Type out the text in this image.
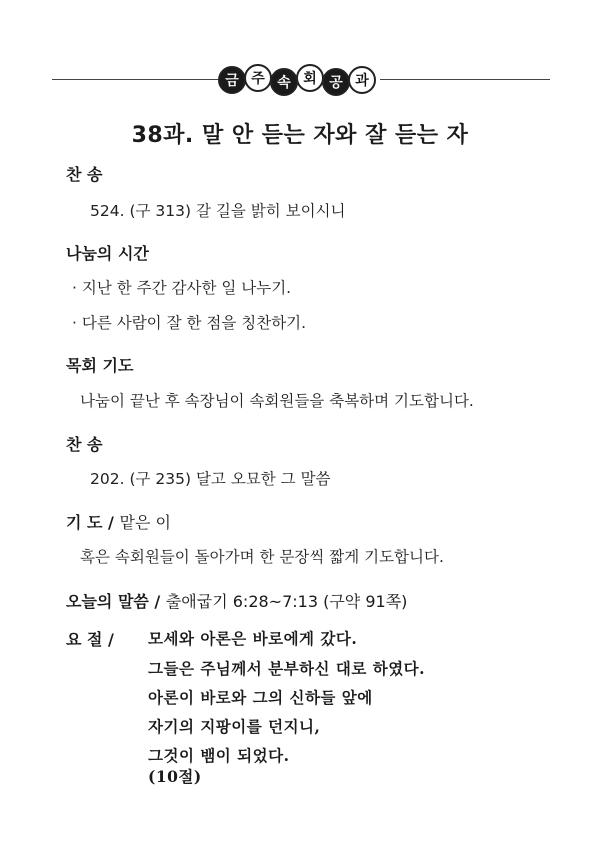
금 주 속 회 공 과
38과. 말 안 듣는 자와 잘 듣는 자
찬 송
524. (구 313) 갈 길을 밝히 보이시니
나눔의 시간
· 지난 한 주간 감사한 일 나누기.
· 다른 사람이 잘 한 점을 칭찬하기.
목회 기도
나눔이 끝난 후 속장님이 속회원들을 축복하며 기도합니다.
찬 송
202. (구 235) 달고 오묘한 그 말씀
기 도 / 맡은 이
혹은 속회원들이 돌아가며 한 문장씩 짧게 기도합니다.
오늘의 말씀 / 출애굽기 6:28~7:13 (구약 91쪽)
요 절 / 모세와 아론은 바로에게 갔다.
그들은 주님께서 분부하신 대로 하였다.
아론이 바로와 그의 신하들 앞에
자기의 지팡이를 던지니,
그것이 뱀이 되었다.
(10절)
